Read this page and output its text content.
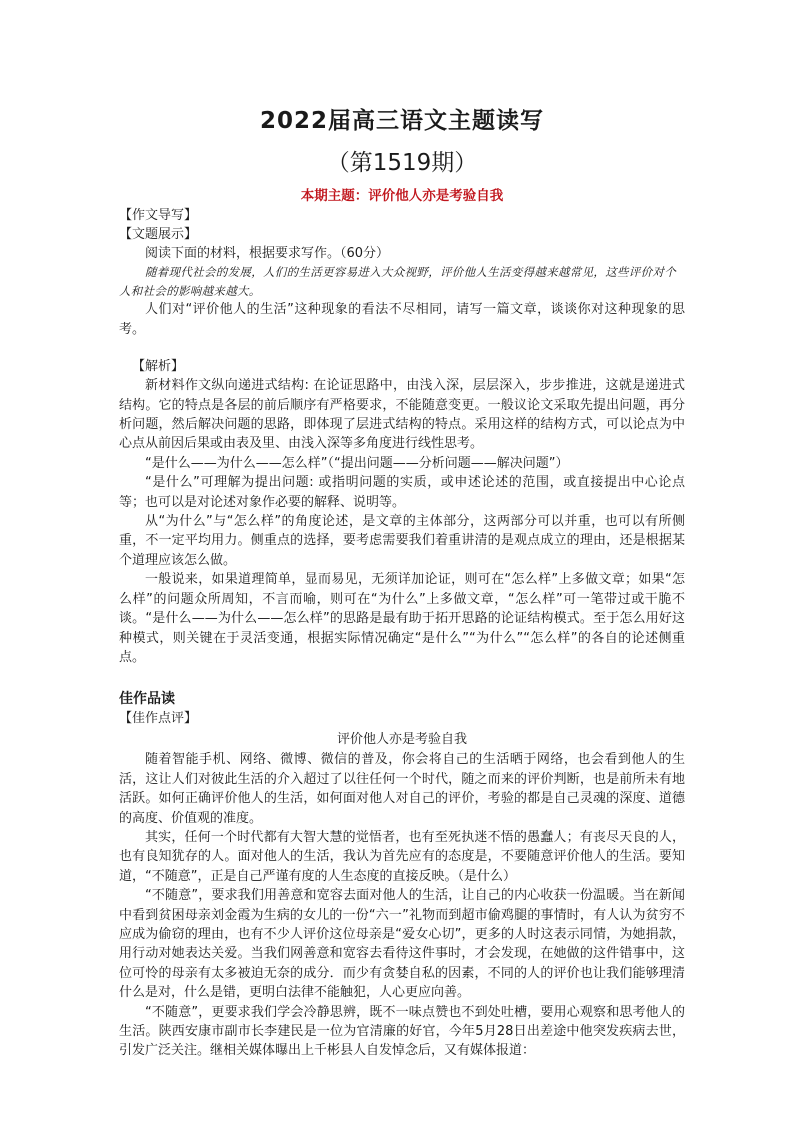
2022届高三语文主题读写
（第1519期）
本期主题：评价他人亦是考验自我
【作文导写】
【文题展示】

阅读下面的材料，根据要求写作。（60分）

随着现代社会的发展，人们的生活更容易进入大众视野，评价他人生活变得越来越常见，这些评价对个人和社会的影响越来越大。

人们对“评价他人的生活”这种现象的看法不尽相同，请写一篇文章，谈谈你对这种现象的思考。

【解析】

新材料作文纵向递进式结构: 在论证思路中，由浅入深，层层深入，步步推进，这就是递进式结构。它的特点是各层的前后顺序有严格要求，不能随意变更。一般议论文采取先提出问题，再分析问题，然后解决问题的思路，即体现了层进式结构的特点。采用这样的结构方式，可以论点为中心点从前因后果或由表及里、由浅入深等多角度进行线性思考。

“是什么——为什么——怎么样”（“提出问题——分析问题——解决问题”）

“是什么”可理解为提出问题: 或指明问题的实质，或申述论述的范围，或直接提出中心论点等；也可以是对论述对象作必要的解释、说明等。

从“为什么”与“怎么样”的角度论述，是文章的主体部分，这两部分可以并重，也可以有所侧重，不一定平均用力。侧重点的选择，要考虑需要我们着重讲清的是观点成立的理由，还是根据某个道理应该怎么做。

一般说来，如果道理简单，显而易见，无须详加论证，则可在“怎么样”上多做文章；如果“怎么样”的问题众所周知，不言而喻，则可在“为什么”上多做文章，“怎么样”可一笔带过或干脆不谈。“是什么——为什么——怎么样”的思路是最有助于拓开思路的论证结构模式。至于怎么用好这种模式，则关键在于灵活变通，根据实际情况确定“是什么”“为什么”“怎么样”的各自的论述侧重点。

佳作品读
【佳作点评】
评价他人亦是考验自我

随着智能手机、网络、微博、微信的普及，你会将自己的生活晒于网络，也会看到他人的生活，这让人们对彼此生活的介入超过了以往任何一个时代，随之而来的评价判断，也是前所未有地活跃。如何正确评价他人的生活，如何面对他人对自己的评价，考验的都是自己灵魂的深度、道德的高度、价值观的准度。

其实，任何一个时代都有大智大慧的觉悟者，也有至死执迷不悟的愚蠢人；有丧尽天良的人，也有良知犹存的人。面对他人的生活，我认为首先应有的态度是，不要随意评价他人的生活。要知道，“不随意”，正是自己严谨有度的人生态度的直接反映。（是什么）

“不随意”，要求我们用善意和宽容去面对他人的生活，让自己的内心收获一份温暖。当在新闻中看到贫困母亲刘金霞为生病的女儿的一份“六一”礼物而到超市偷鸡腿的事情时，有人认为贫穷不应成为偷窃的理由，也有不少人评价这位母亲是“爱女心切”，更多的人时这表示同情，为她捐款，用行动对她表达关爱。当我们网善意和宽容去看待这件事时，才会发现，在她做的这件错事中，这位可怜的母亲有太多被迫无奈的成分．而少有贪婪自私的因素，不同的人的评价也让我们能够理清什么是对，什么是错，更明白法律不能触犯，人心更应向善。

“不随意”，更要求我们学会冷静思辨，既不一味点赞也不到处吐槽，要用心观察和思考他人的生活。陕西安康市副市长李建民是一位为官清廉的好官，今年5月28日出差途中他突发疾病去世，引发广泛关注。继相关媒体曝出上千彬县人自发悼念后，又有媒体报道：
